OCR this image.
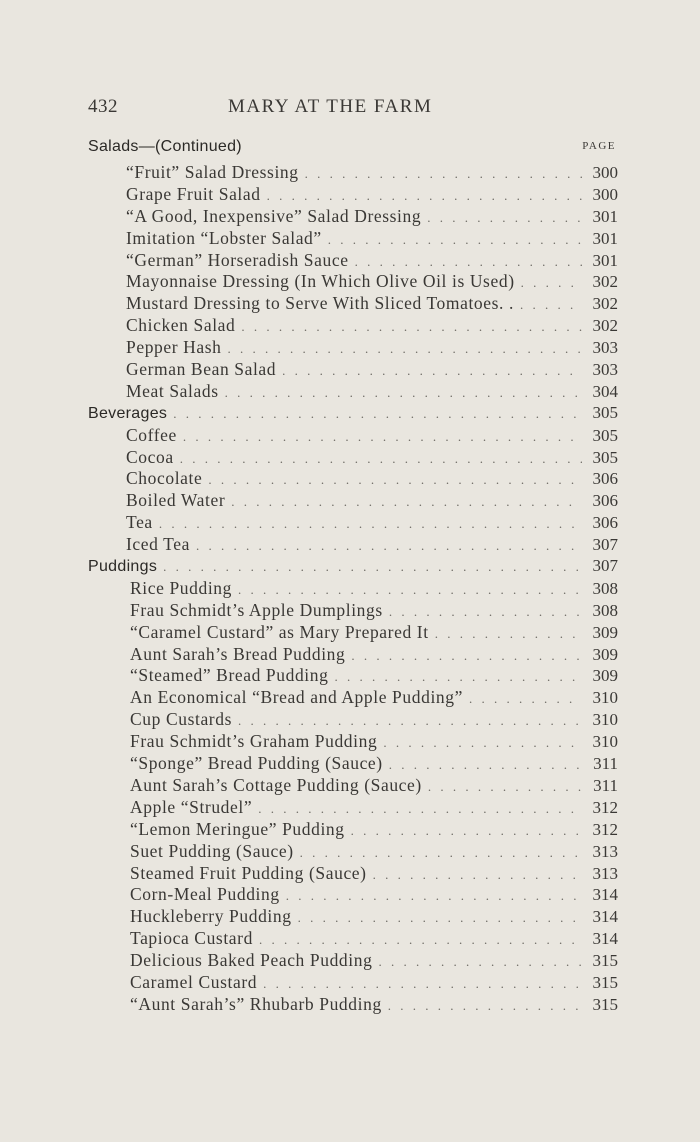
432	MARY AT THE FARM
Salads—(Continued)	PAGE
“Fruit” Salad Dressing . . .	300
Grape Fruit Salad . . .	300
“A Good, Inexpensive” Salad Dressing . . .	301
Imitation “Lobster Salad” . . .	301
“German” Horseradish Sauce . . .	301
Mayonnaise Dressing (In Which Olive Oil is Used) . . .	302
Mustard Dressing to Serve With Sliced Tomatoes. . . . .	302
Chicken Salad . . .	302
Pepper Hash . . .	303
German Bean Salad . . .	303
Meat Salads . . .	304
Beverages . . .	305
Coffee . . .	305
Cocoa . . .	305
Chocolate . . .	306
Boiled Water . . .	306
Tea . . .	306
Iced Tea . . .	307
Puddings . . .	307
Rice Pudding . . .	308
Frau Schmidt’s Apple Dumplings . . .	308
“Caramel Custard” as Mary Prepared It . . .	309
Aunt Sarah’s Bread Pudding . . .	309
“Steamed” Bread Pudding . . .	309
An Economical “Bread and Apple Pudding” . . .	310
Cup Custards . . .	310
Frau Schmidt’s Graham Pudding . . .	310
“Sponge” Bread Pudding (Sauce) . . .	311
Aunt Sarah’s Cottage Pudding (Sauce) . . .	311
Apple “Strudel” . . .	312
“Lemon Meringue” Pudding . . .	312
Suet Pudding (Sauce) . . .	313
Steamed Fruit Pudding (Sauce) . . .	313
Corn-Meal Pudding . . .	314
Huckleberry Pudding . . .	314
Tapioca Custard . . .	314
Delicious Baked Peach Pudding . . .	315
Caramel Custard . . .	315
“Aunt Sarah’s” Rhubarb Pudding . . .	315
